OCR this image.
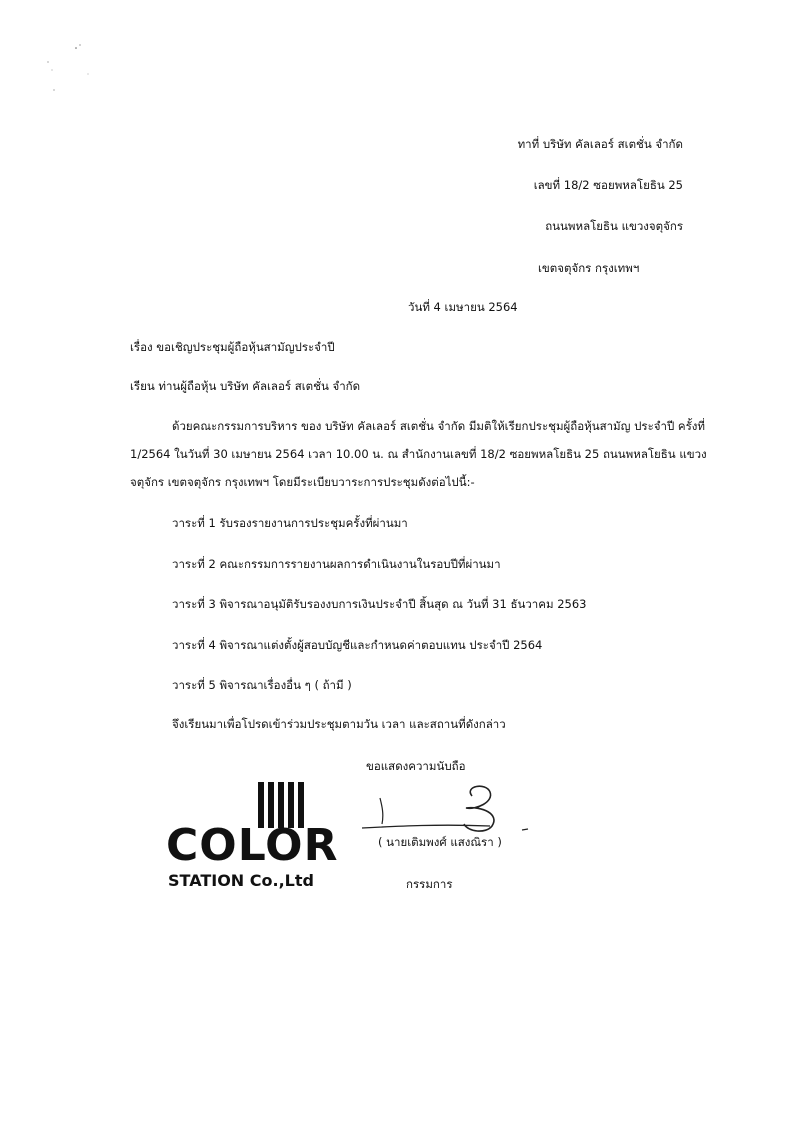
ทาที่ บริษัท คัลเลอร์ สเตชั่น จำกัด
เลขที่ 18/2 ซอยพหลโยธิน 25
ถนนพหลโยธิน แขวงจตุจักร
เขตจตุจักร กรุงเทพฯ
วันที่ 4 เมษายน 2564
เรื่อง ขอเชิญประชุมผู้ถือหุ้นสามัญประจำปี
เรียน ท่านผู้ถือหุ้น บริษัท คัลเลอร์ สเตชั่น จำกัด
ด้วยคณะกรรมการบริหาร ของ บริษัท คัลเลอร์ สเตชั่น จำกัด มีมติให้เรียกประชุมผู้ถือหุ้นสามัญ ประจำปี ครั้งที่
1/2564 ในวันที่ 30 เมษายน 2564 เวลา 10.00 น. ณ สำนักงานเลขที่ 18/2 ซอยพหลโยธิน 25 ถนนพหลโยธิน แขวง
จตุจักร เขตจตุจักร กรุงเทพฯ โดยมีระเบียบวาระการประชุมดังต่อไปนี้:-
วาระที่ 1 รับรองรายงานการประชุมครั้งที่ผ่านมา
วาระที่ 2 คณะกรรมการรายงานผลการดำเนินงานในรอบปีที่ผ่านมา
วาระที่ 3 พิจารณาอนุมัติรับรองงบการเงินประจำปี สิ้นสุด ณ วันที่ 31 ธันวาคม 2563
วาระที่ 4 พิจารณาแต่งตั้งผู้สอบบัญชีและกำหนดค่าตอบแทน ประจำปี 2564
วาระที่ 5 พิจารณาเรื่องอื่น ๆ ( ถ้ามี )
จึงเรียนมาเพื่อโปรดเข้าร่วมประชุมตามวัน เวลา และสถานที่ดังกล่าว
ขอแสดงความนับถือ
COLOR
STATION Co.,Ltd
( นายเติมพงศ์ แสงณิรา )
กรรมการ
